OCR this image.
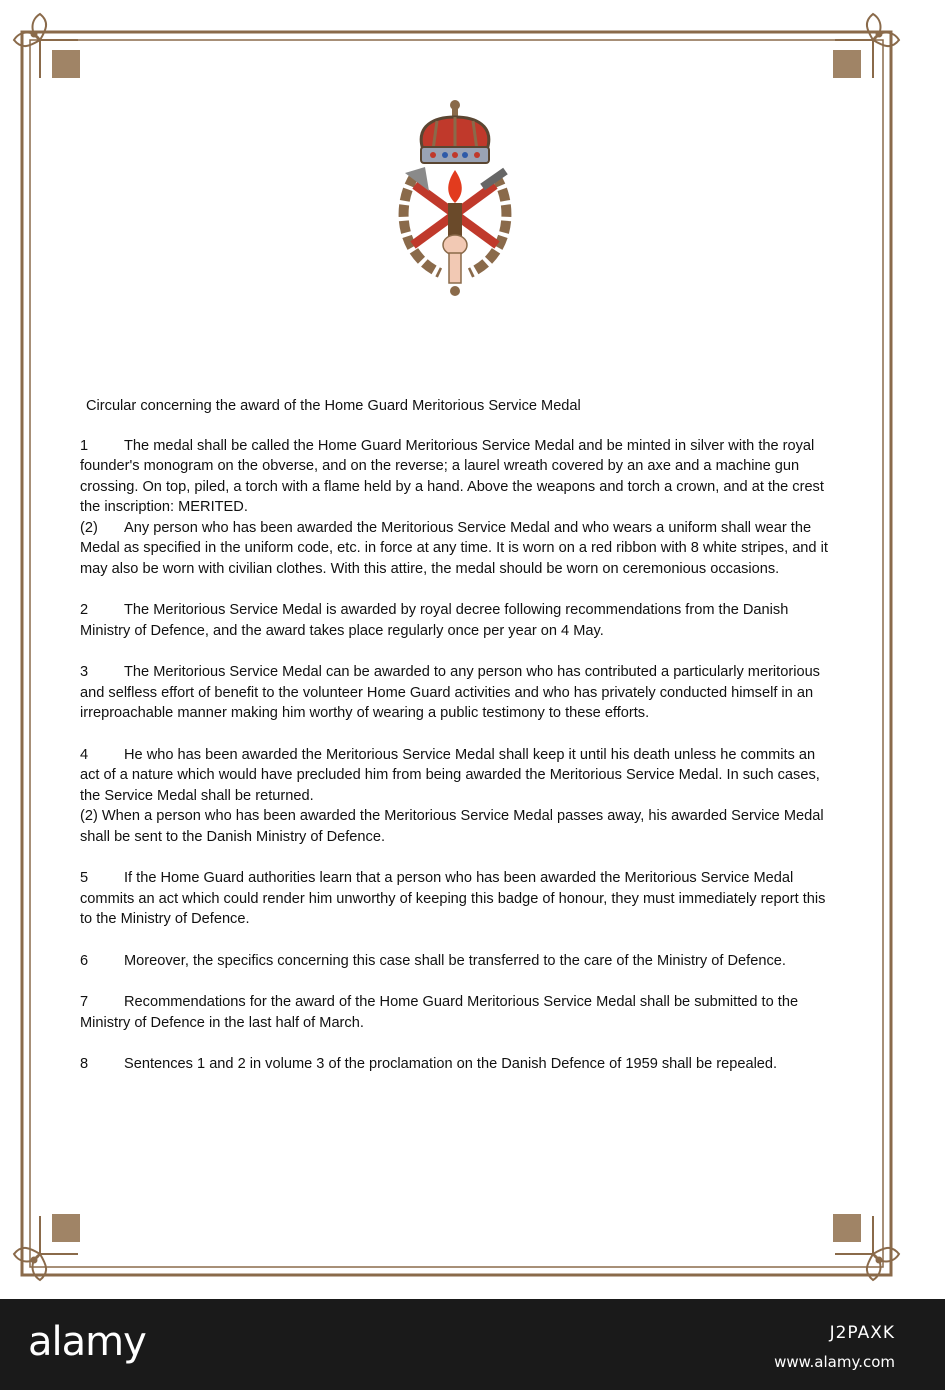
Circular concerning the award of the Home Guard Meritorious Service Medal
1 The medal shall be called the Home Guard Meritorious Service Medal and be minted in silver with the royal founder's monogram on the obverse, and on the reverse; a laurel wreath covered by an axe and a machine gun crossing. On top, piled, a torch with a flame held by a hand. Above the weapons and torch a crown, and at the crest the inscription: MERITED.
(2) Any person who has been awarded the Meritorious Service Medal and who wears a uniform shall wear the Medal as specified in the uniform code, etc. in force at any time. It is worn on a red ribbon with 8 white stripes, and it may also be worn with civilian clothes. With this attire, the medal should be worn on ceremonious occasions.
2 The Meritorious Service Medal is awarded by royal decree following recommendations from the Danish Ministry of Defence, and the award takes place regularly once per year on 4 May.
3 The Meritorious Service Medal can be awarded to any person who has contributed a particularly meritorious and selfless effort of benefit to the volunteer Home Guard activities and who has privately conducted himself in an irreproachable manner making him worthy of wearing a public testimony to these efforts.
4 He who has been awarded the Meritorious Service Medal shall keep it until his death unless he commits an act of a nature which would have precluded him from being awarded the Meritorious Service Medal. In such cases, the Service Medal shall be returned.
(2) When a person who has been awarded the Meritorious Service Medal passes away, his awarded Service Medal shall be sent to the Danish Ministry of Defence.
5 If the Home Guard authorities learn that a person who has been awarded the Meritorious Service Medal commits an act which could render him unworthy of keeping this badge of honour, they must immediately report this to the Ministry of Defence.
6 Moreover, the specifics concerning this case shall be transferred to the care of the Ministry of Defence.
7 Recommendations for the award of the Home Guard Meritorious Service Medal shall be submitted to the Ministry of Defence in the last half of March.
8 Sentences 1 and 2 in volume 3 of the proclamation on the Danish Defence of 1959 shall be repealed.
alamy	J2PAXK
www.alamy.com
